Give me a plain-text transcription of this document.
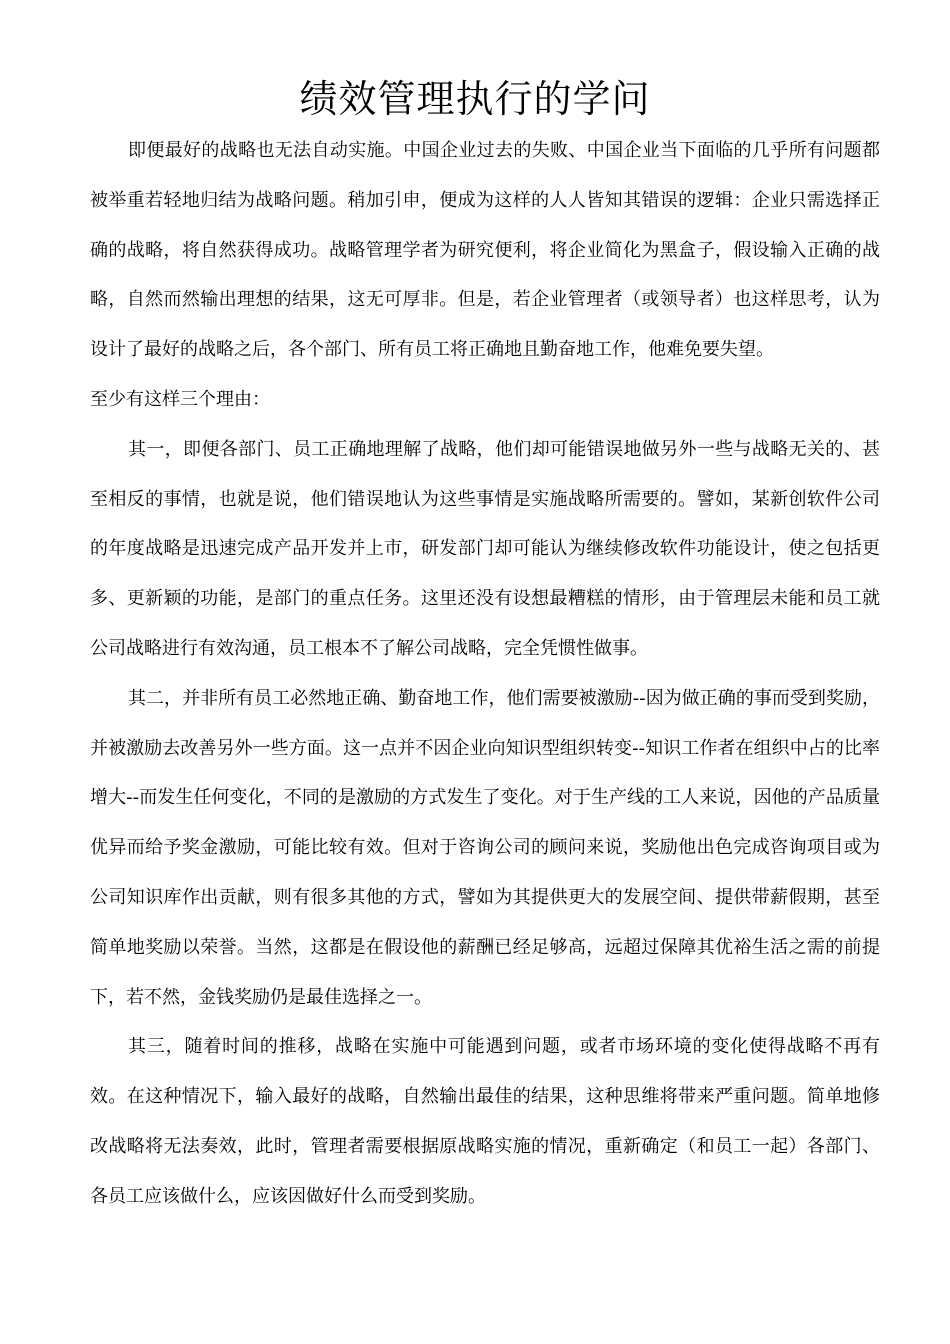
绩效管理执行的学问

即便最好的战略也无法自动实施。中国企业过去的失败、中国企业当下面临的几乎所有问题都被举重若轻地归结为战略问题。稍加引申，便成为这样的人人皆知其错误的逻辑：企业只需选择正确的战略，将自然获得成功。战略管理学者为研究便利，将企业简化为黑盒子，假设输入正确的战略，自然而然输出理想的结果，这无可厚非。但是，若企业管理者（或领导者）也这样思考，认为设计了最好的战略之后，各个部门、所有员工将正确地且勤奋地工作，他难免要失望。

至少有这样三个理由：

其一，即便各部门、员工正确地理解了战略，他们却可能错误地做另外一些与战略无关的、甚至相反的事情，也就是说，他们错误地认为这些事情是实施战略所需要的。譬如，某新创软件公司的年度战略是迅速完成产品开发并上市，研发部门却可能认为继续修改软件功能设计，使之包括更多、更新颖的功能，是部门的重点任务。这里还没有设想最糟糕的情形，由于管理层未能和员工就公司战略进行有效沟通，员工根本不了解公司战略，完全凭惯性做事。

其二，并非所有员工必然地正确、勤奋地工作，他们需要被激励--因为做正确的事而受到奖励，并被激励去改善另外一些方面。这一点并不因企业向知识型组织转变--知识工作者在组织中占的比率增大--而发生任何变化，不同的是激励的方式发生了变化。对于生产线的工人来说，因他的产品质量优异而给予奖金激励，可能比较有效。但对于咨询公司的顾问来说，奖励他出色完成咨询项目或为公司知识库作出贡献，则有很多其他的方式，譬如为其提供更大的发展空间、提供带薪假期，甚至简单地奖励以荣誉。当然，这都是在假设他的薪酬已经足够高，远超过保障其优裕生活之需的前提下，若不然，金钱奖励仍是最佳选择之一。

其三，随着时间的推移，战略在实施中可能遇到问题，或者市场环境的变化使得战略不再有效。在这种情况下，输入最好的战略，自然输出最佳的结果，这种思维将带来严重问题。简单地修改战略将无法奏效，此时，管理者需要根据原战略实施的情况，重新确定（和员工一起）各部门、各员工应该做什么，应该因做好什么而受到奖励。
